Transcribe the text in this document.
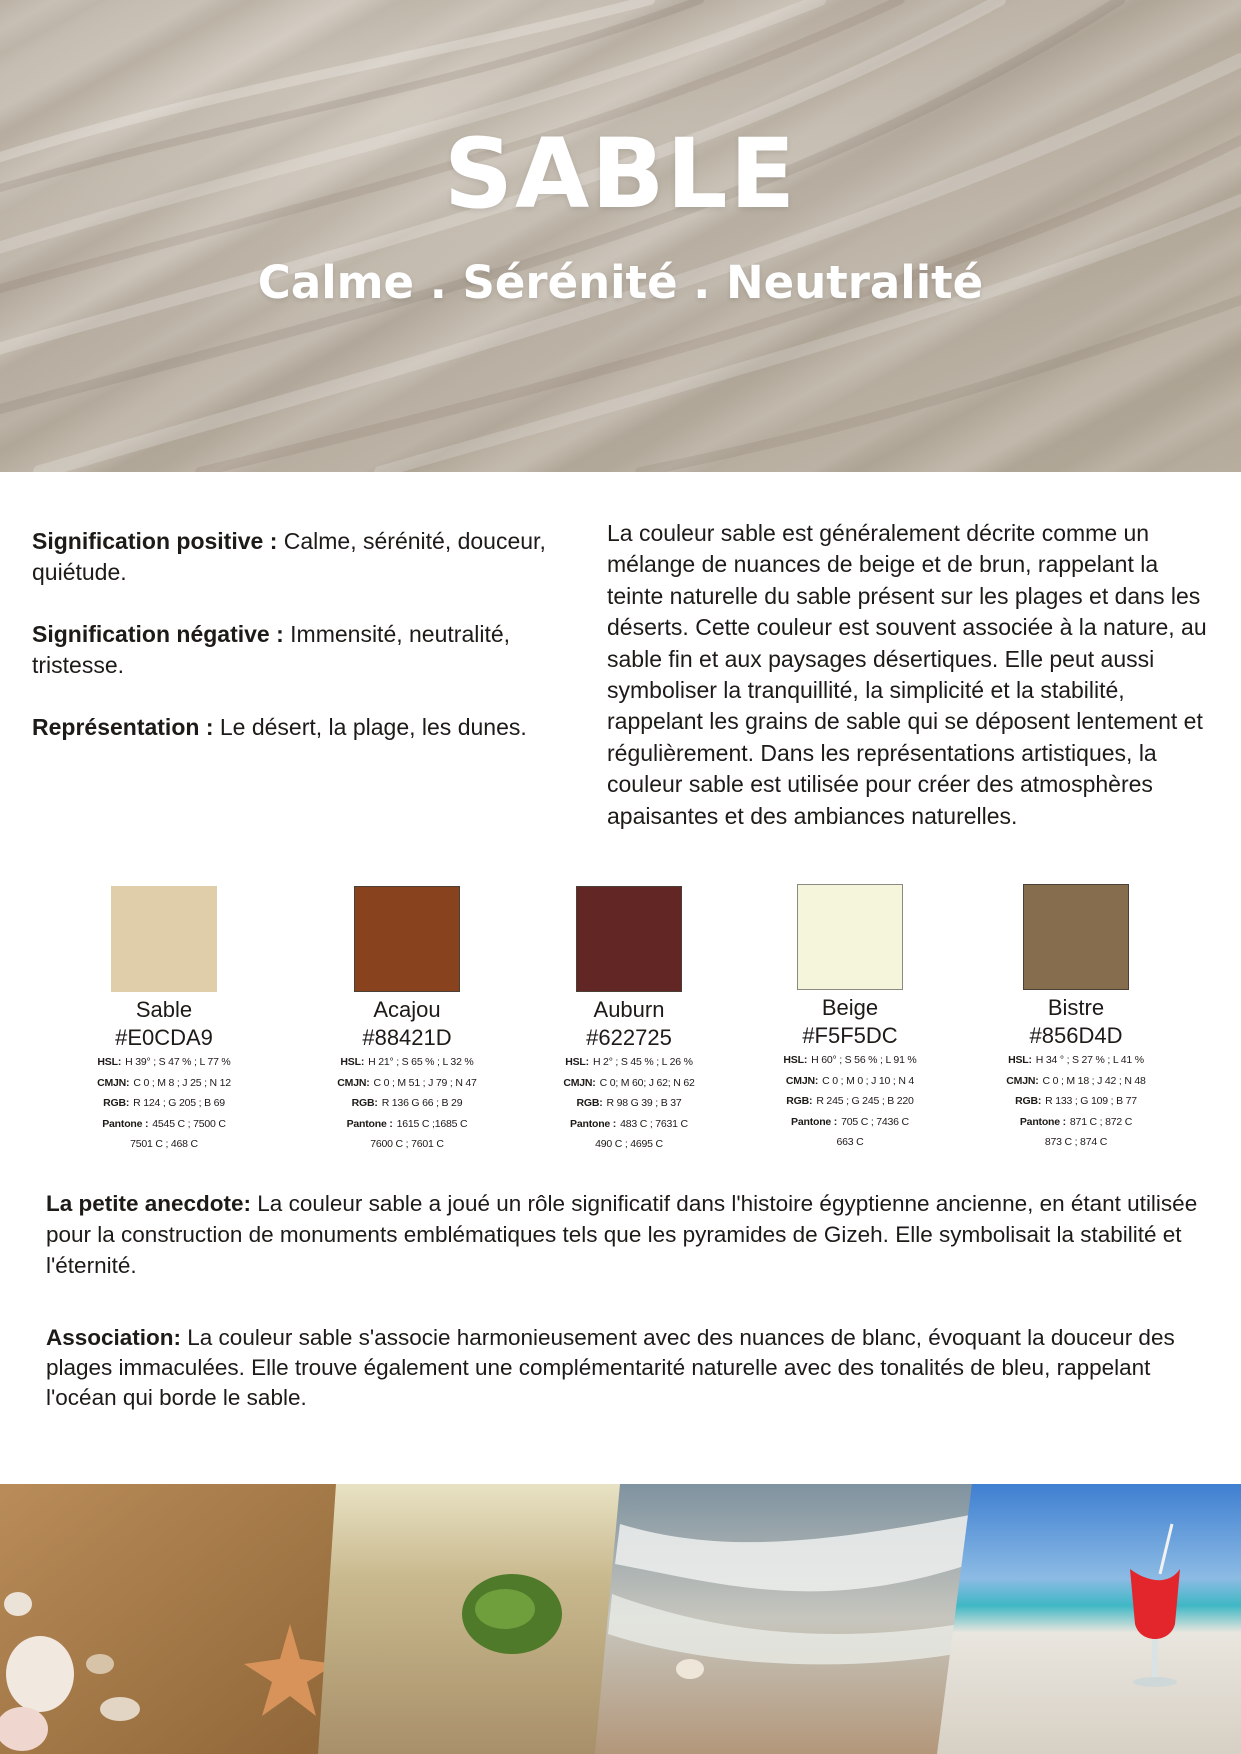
SABLE
Calme . Sérénité . Neutralité

Signification positive : Calme, sérénité, douceur, quiétude.

Signification négative : Immensité, neutralité, tristesse.

Représentation : Le désert, la plage, les dunes.

La couleur sable est généralement décrite comme un mélange de nuances de beige et de brun, rappelant la teinte naturelle du sable présent sur les plages et dans les déserts. Cette couleur est souvent associée à la nature, au sable fin et aux paysages désertiques. Elle peut aussi symboliser la tranquillité, la simplicité et la stabilité, rappelant les grains de sable qui se déposent lentement et régulièrement. Dans les représentations artistiques, la couleur sable est utilisée pour créer des atmosphères apaisantes et des ambiances naturelles.
Sable
#E0CDA9
HSL: H 39° ; S 47 % ; L 77 %
CMJN: C 0 ; M 8 ; J 25 ; N 12
RGB: R 124 ; G 205 ; B 69
Pantone : 4545 C ; 7500 C
7501 C ; 468 C
Acajou
#88421D
HSL: H 21° ; S 65 % ; L 32 %
CMJN: C 0 ; M 51 ; J 79 ; N 47
RGB: R 136 G 66 ; B 29
Pantone : 1615 C ;1685 C
7600 C ; 7601 C
Auburn
#622725
HSL: H 2° ; S 45 % ; L 26 %
CMJN: C 0; M 60; J 62; N 62
RGB: R 98 G 39 ; B 37
Pantone : 483 C ; 7631 C
490 C ; 4695 C
Beige
#F5F5DC
HSL: H 60° ; S 56 % ; L 91 %
CMJN: C 0 ; M 0 ; J 10 ; N 4
RGB: R 245 ; G 245 ; B 220
Pantone : 705 C ; 7436 C
663 C
Bistre
#856D4D
HSL: H 34 ° ; S 27 % ; L 41 %
CMJN: C 0 ; M 18 ; J 42 ; N 48
RGB: R 133 ; G 109 ; B 77
Pantone : 871 C ; 872 C
873 C ; 874 C
La petite anecdote: La couleur sable a joué un rôle significatif dans l'histoire égyptienne ancienne, en étant utilisée pour la construction de monuments emblématiques tels que les pyramides de Gizeh. Elle symbolisait la stabilité et l'éternité.
Association: La couleur sable s'associe harmonieusement avec des nuances de blanc, évoquant la douceur des plages immaculées. Elle trouve également une complémentarité naturelle avec des tonalités de bleu, rappelant l'océan qui borde le sable.
